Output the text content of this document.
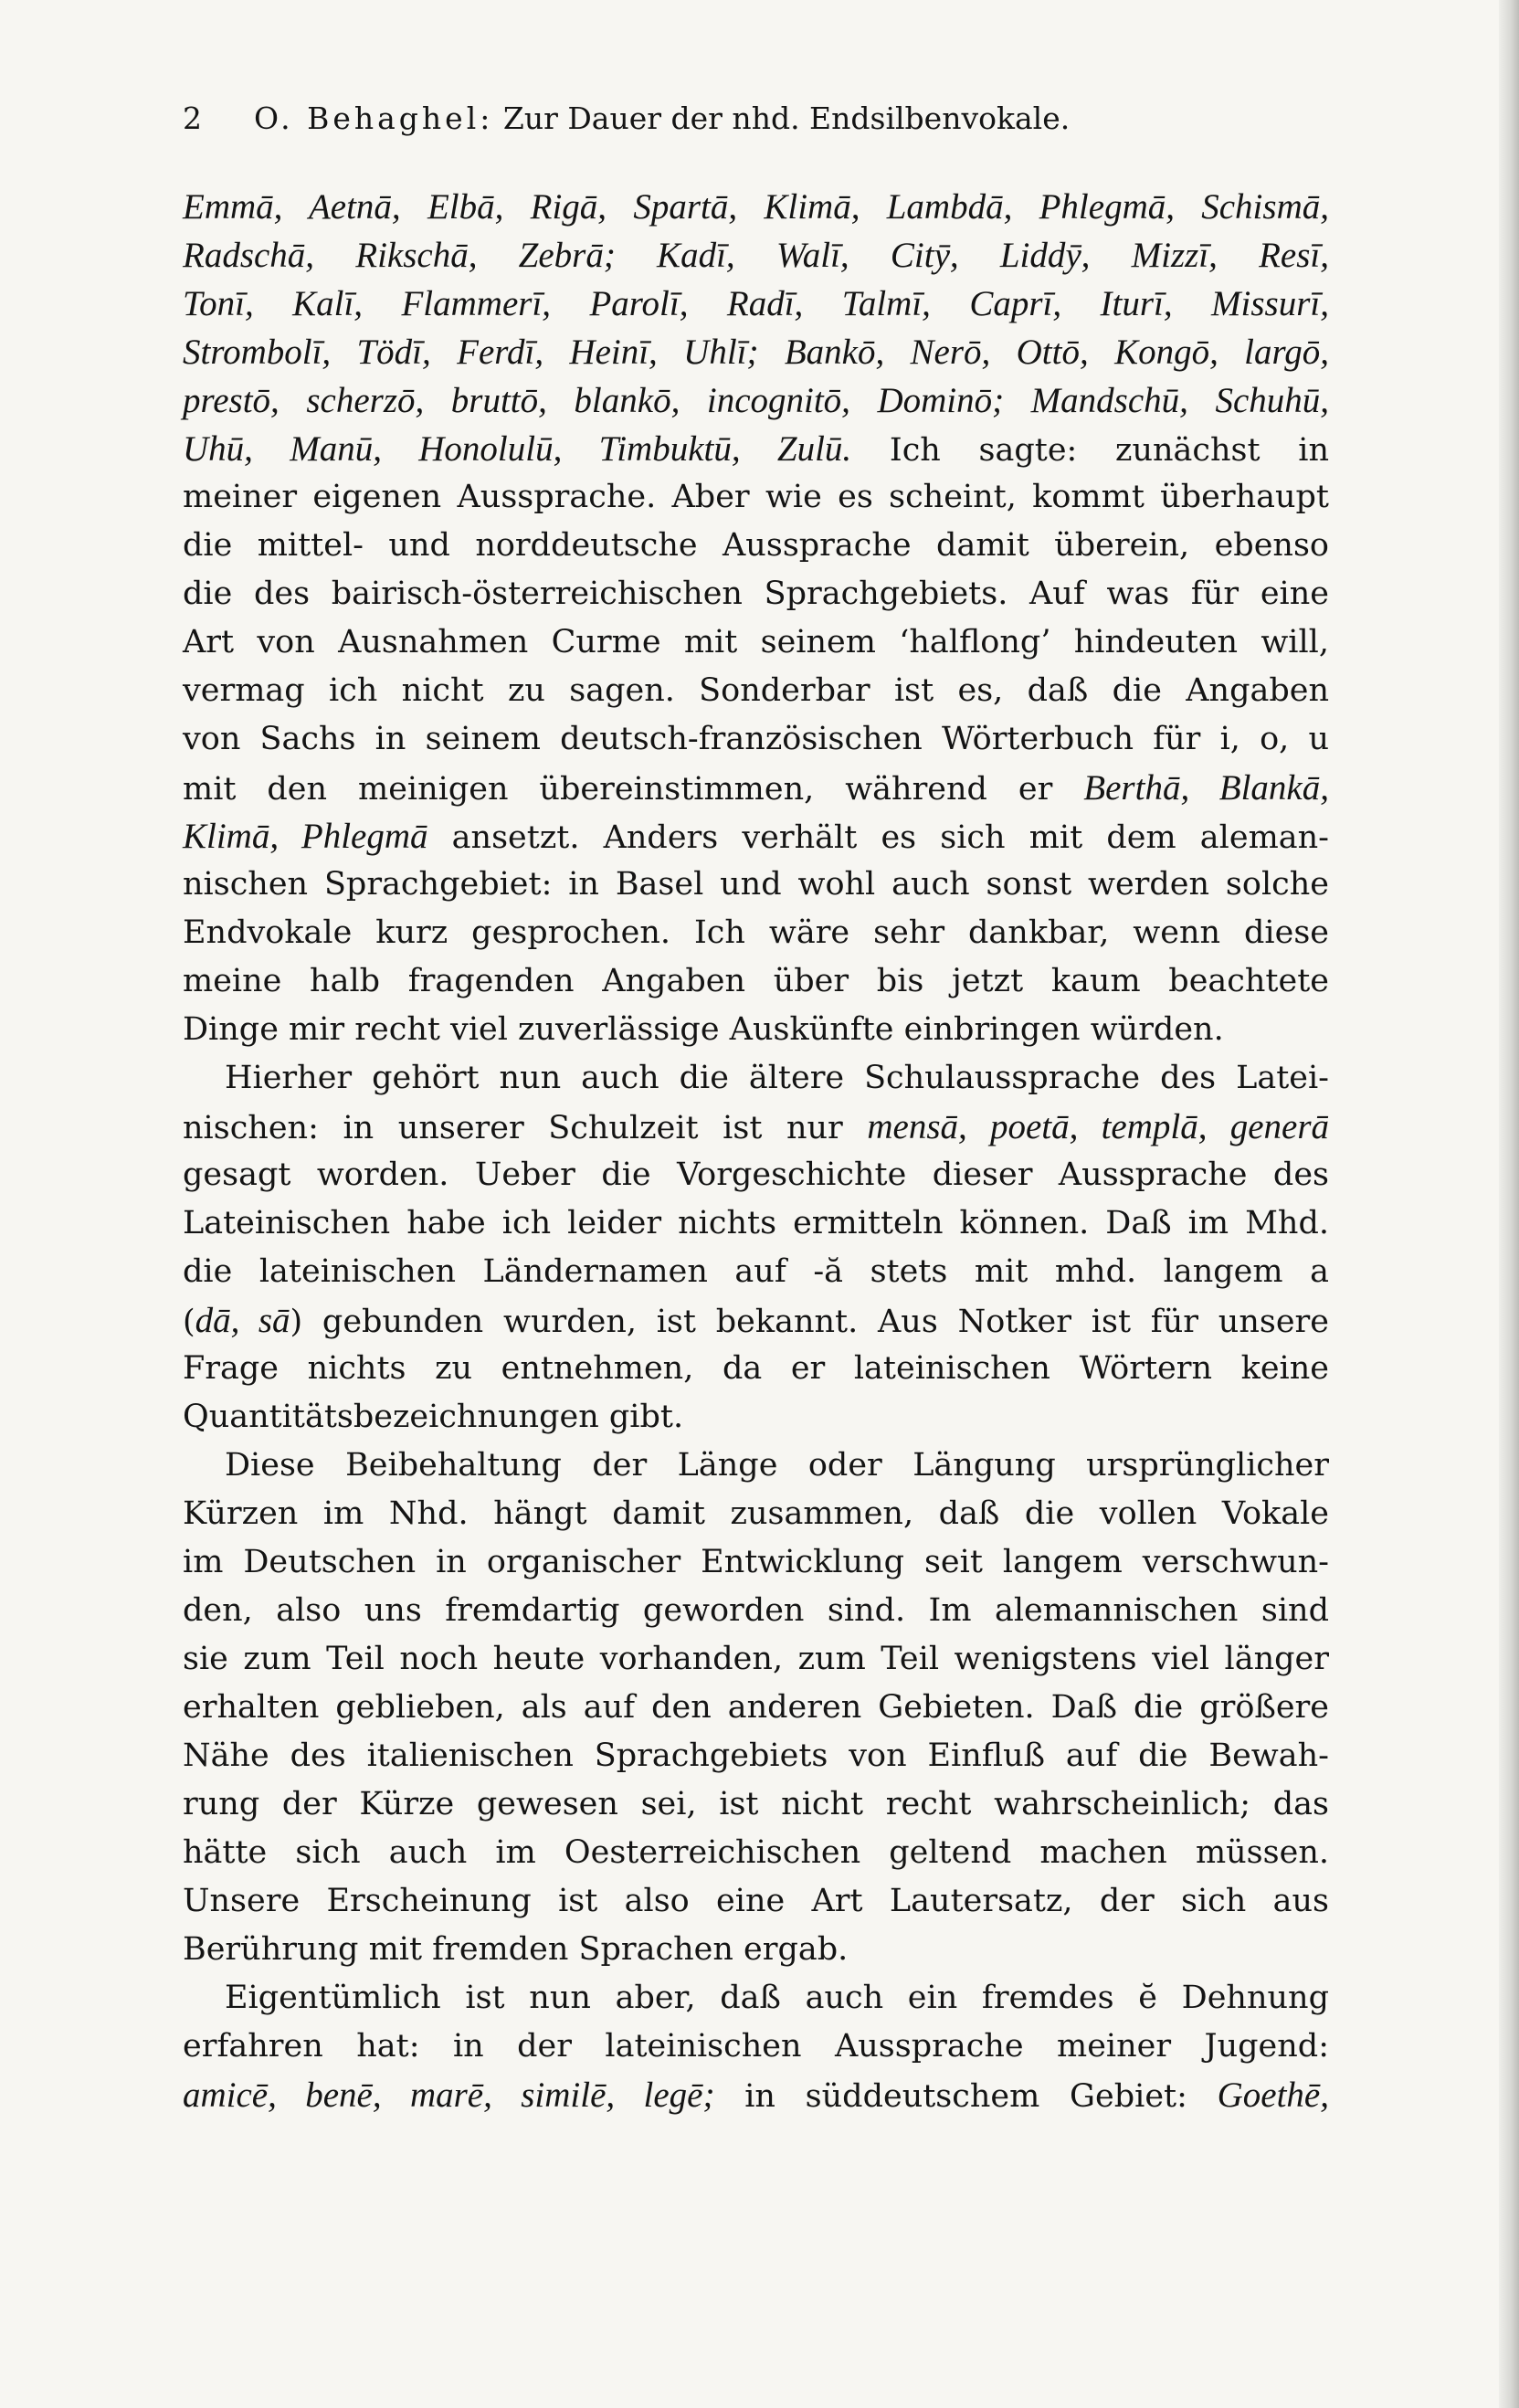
2 O. Behaghel: Zur Dauer der nhd. Endsilbenvokale.
Emmā, Aetnā, Elbā, Rigā, Spartā, Klimā, Lambdā, Phlegmā, Schismā,
Radschā, Rikschā, Zebrā; Kadī, Walī, Citȳ, Liddȳ, Mizzī, Resī,
Tonī, Kalī, Flammerī, Parolī, Radī, Talmī, Caprī, Iturī, Missurī,
Strombolī, Tödī, Ferdī, Heinī, Uhlī; Bankō, Nerō, Ottō, Kongō, largō,
prestō, scherzō, bruttō, blankō, incognitō, Dominō; Mandschū, Schuhū,
Uhū, Manū, Honolulū, Timbuktū, Zulū. Ich sagte: zunächst in
meiner eigenen Aussprache. Aber wie es scheint, kommt überhaupt
die mittel- und norddeutsche Aussprache damit überein, ebenso
die des bairisch-österreichischen Sprachgebiets. Auf was für eine
Art von Ausnahmen Curme mit seinem ‘halflong’ hindeuten will,
vermag ich nicht zu sagen. Sonderbar ist es, daß die Angaben
von Sachs in seinem deutsch-französischen Wörterbuch für i, o, u
mit den meinigen übereinstimmen, während er Berthā, Blankā,
Klimā, Phlegmā ansetzt. Anders verhält es sich mit dem aleman-
nischen Sprachgebiet: in Basel und wohl auch sonst werden solche
Endvokale kurz gesprochen. Ich wäre sehr dankbar, wenn diese
meine halb fragenden Angaben über bis jetzt kaum beachtete
Dinge mir recht viel zuverlässige Auskünfte einbringen würden.
Hierher gehört nun auch die ältere Schulaussprache des Latei-
nischen: in unserer Schulzeit ist nur mensā, poetā, templā, generā
gesagt worden. Ueber die Vorgeschichte dieser Aussprache des
Lateinischen habe ich leider nichts ermitteln können. Daß im Mhd.
die lateinischen Ländernamen auf -ă stets mit mhd. langem a
(dā, sā) gebunden wurden, ist bekannt. Aus Notker ist für unsere
Frage nichts zu entnehmen, da er lateinischen Wörtern keine
Quantitätsbezeichnungen gibt.
Diese Beibehaltung der Länge oder Längung ursprünglicher
Kürzen im Nhd. hängt damit zusammen, daß die vollen Vokale
im Deutschen in organischer Entwicklung seit langem verschwun-
den, also uns fremdartig geworden sind. Im alemannischen sind
sie zum Teil noch heute vorhanden, zum Teil wenigstens viel länger
erhalten geblieben, als auf den anderen Gebieten. Daß die größere
Nähe des italienischen Sprachgebiets von Einfluß auf die Bewah-
rung der Kürze gewesen sei, ist nicht recht wahrscheinlich; das
hätte sich auch im Oesterreichischen geltend machen müssen.
Unsere Erscheinung ist also eine Art Lautersatz, der sich aus
Berührung mit fremden Sprachen ergab.
Eigentümlich ist nun aber, daß auch ein fremdes ĕ Dehnung
erfahren hat: in der lateinischen Aussprache meiner Jugend:
amicē, benē, marē, similē, legē; in süddeutschem Gebiet: Goethē,
